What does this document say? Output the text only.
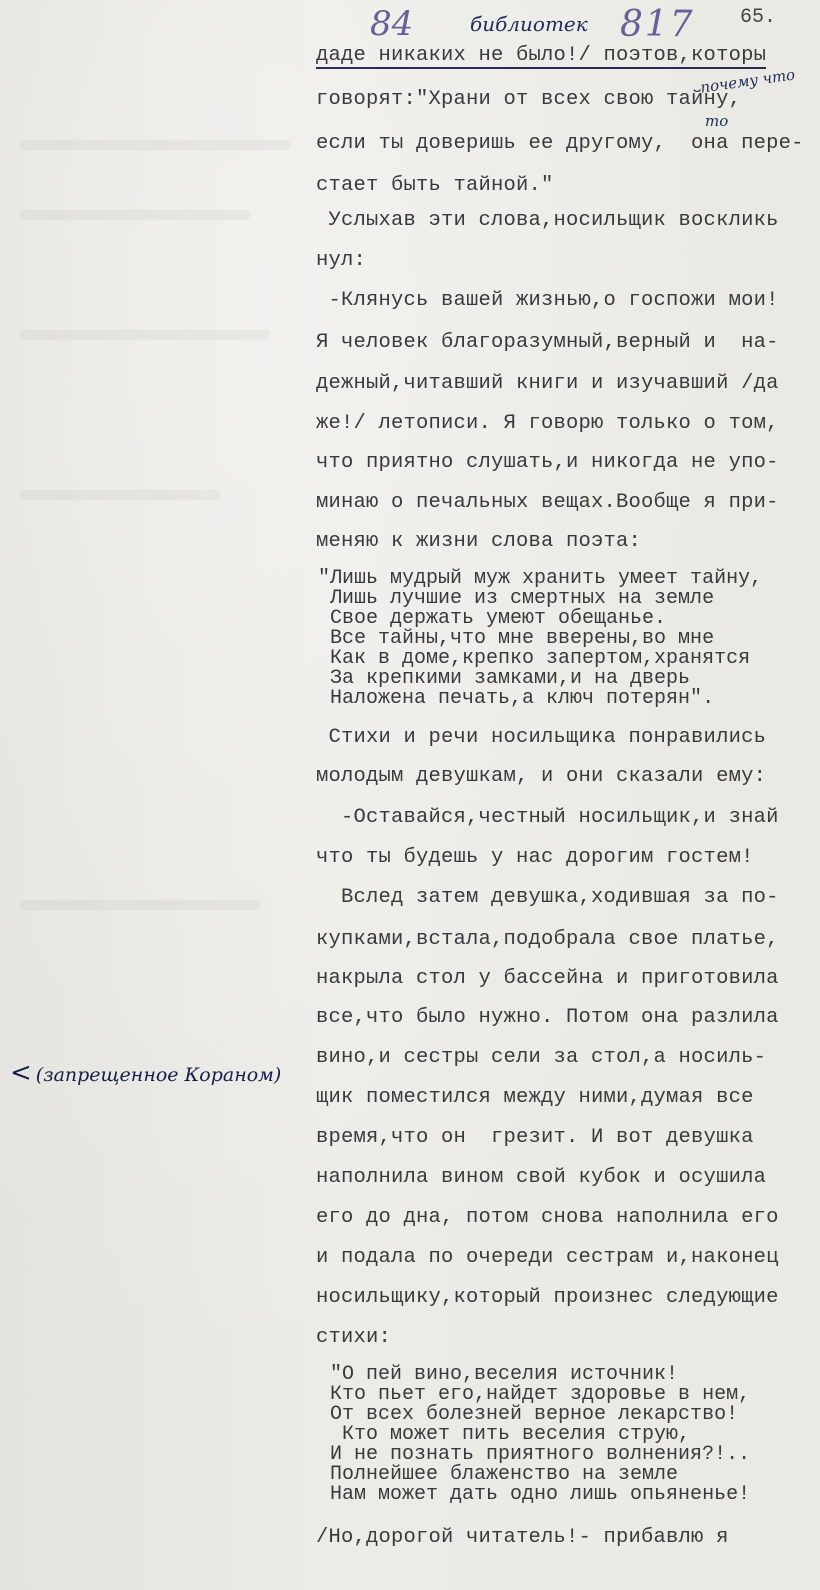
84	библиотек 817 65.
почему что
то
< (запрещенное Кораном)
даде никаких не было!/ поэтов,которы
говорят:"Храни от всех свою тайну,
если ты доверишь ее другому,  она пере-
стает быть тайной."
Услыхав эти слова,носильщик воскликь
нул:
-Клянусь вашей жизнью,о госпожи мои!
Я человек благоразумный,верный и  на-
дежный,читавший книги и изучавший /да
же!/ летописи. Я говорю только о том,
что приятно слушать,и никогда не упо-
минаю о печальных вещах.Вообще я при-
меняю к жизни слова поэта:
"Лишь мудрый муж хранить умеет тайну,
Лишь лучшие из смертных на земле
Свое держать умеют обещанье.
Все тайны,что мне вверены,во мне
Как в доме,крепко запертом,хранятся
За крепкими замками,и на дверь
Наложена печать,а ключ потерян".
Стихи и речи носильщика понравились
молодым девушкам, и они сказали ему:
-Оставайся,честный носильщик,и знай
что ты будешь у нас дорогим гостем!
Вслед затем девушка,ходившая за по-
купками,встала,подобрала свое платье,
накрыла стол у бассейна и приготовила
все,что было нужно. Потом она разлила
вино,и сестры сели за стол,а носиль-
щик поместился между ними,думая все
время,что он  грезит. И вот девушка
наполнила вином свой кубок и осушила
его до дна, потом снова наполнила его
и подала по очереди сестрам и,наконец
носильщику,который произнес следующие
стихи:
"О пей вино,веселия источник!
Кто пьет его,найдет здоровье в нем,
От всех болезней верное лекарство!
Кто может пить веселия струю,
И не познать приятного волнения?!..
Полнейшее блаженство на земле
Нам может дать одно лишь опьяненье!
/Но,дорогой читатель!- прибавлю я
